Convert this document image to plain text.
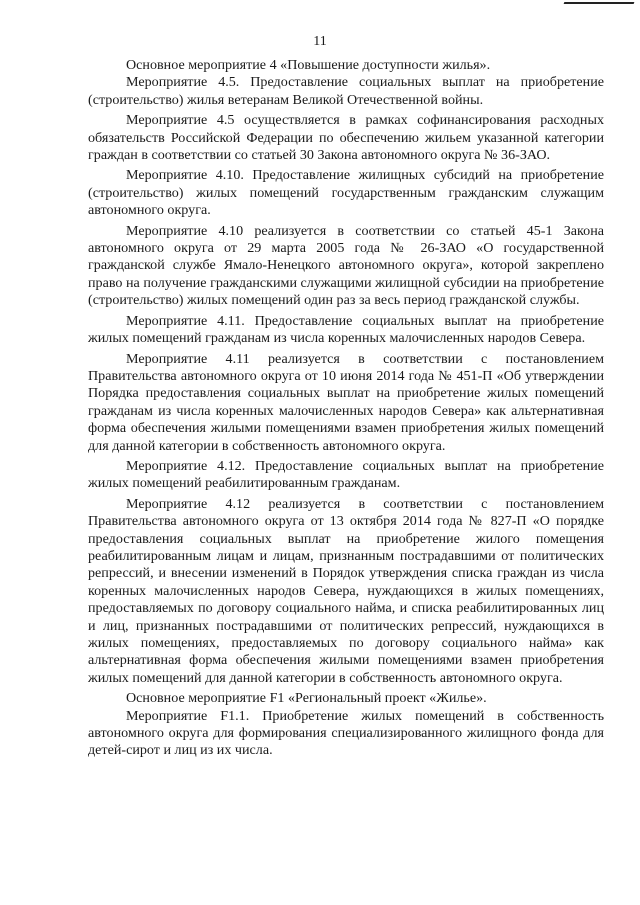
11

Основное мероприятие 4 «Повышение доступности жилья».

Мероприятие 4.5. Предоставление социальных выплат на приобретение (строительство) жилья ветеранам Великой Отечественной войны.

Мероприятие 4.5 осуществляется в рамках софинансирования расходных обязательств Российской Федерации по обеспечению жильем указанной категории граждан в соответствии со статьей 30 Закона автономного округа № 36-ЗАО.

Мероприятие 4.10. Предоставление жилищных субсидий на приобретение (строительство) жилых помещений государственным гражданским служащим автономного округа.

Мероприятие 4.10 реализуется в соответствии со статьей 45-1 Закона автономного округа от 29 марта 2005 года № 26-ЗАО «О государственной гражданской службе Ямало-Ненецкого автономного округа», которой закреплено право на получение гражданскими служащими жилищной субсидии на приобретение (строительство) жилых помещений один раз за весь период гражданской службы.

Мероприятие 4.11. Предоставление социальных выплат на приобретение жилых помещений гражданам из числа коренных малочисленных народов Севера.

Мероприятие 4.11 реализуется в соответствии с постановлением Правительства автономного округа от 10 июня 2014 года № 451-П «Об утверждении Порядка предоставления социальных выплат на приобретение жилых помещений гражданам из числа коренных малочисленных народов Севера» как альтернативная форма обеспечения жилыми помещениями взамен приобретения жилых помещений для данной категории в собственность автономного округа.

Мероприятие 4.12. Предоставление социальных выплат на приобретение жилых помещений реабилитированным гражданам.

Мероприятие 4.12 реализуется в соответствии с постановлением Правительства автономного округа от 13 октября 2014 года № 827-П «О порядке предоставления социальных выплат на приобретение жилого помещения реабилитированным лицам и лицам, признанным пострадавшими от политических репрессий, и внесении изменений в Порядок утверждения списка граждан из числа коренных малочисленных народов Севера, нуждающихся в жилых помещениях, предоставляемых по договору социального найма, и списка реабилитированных лиц и лиц, признанных пострадавшими от политических репрессий, нуждающихся в жилых помещениях, предоставляемых по договору социального найма» как альтернативная форма обеспечения жилыми помещениями взамен приобретения жилых помещений для данной категории в собственность автономного округа.

Основное мероприятие F1 «Региональный проект «Жилье».

Мероприятие F1.1. Приобретение жилых помещений в собственность автономного округа для формирования специализированного жилищного фонда для детей-сирот и лиц из их числа.
